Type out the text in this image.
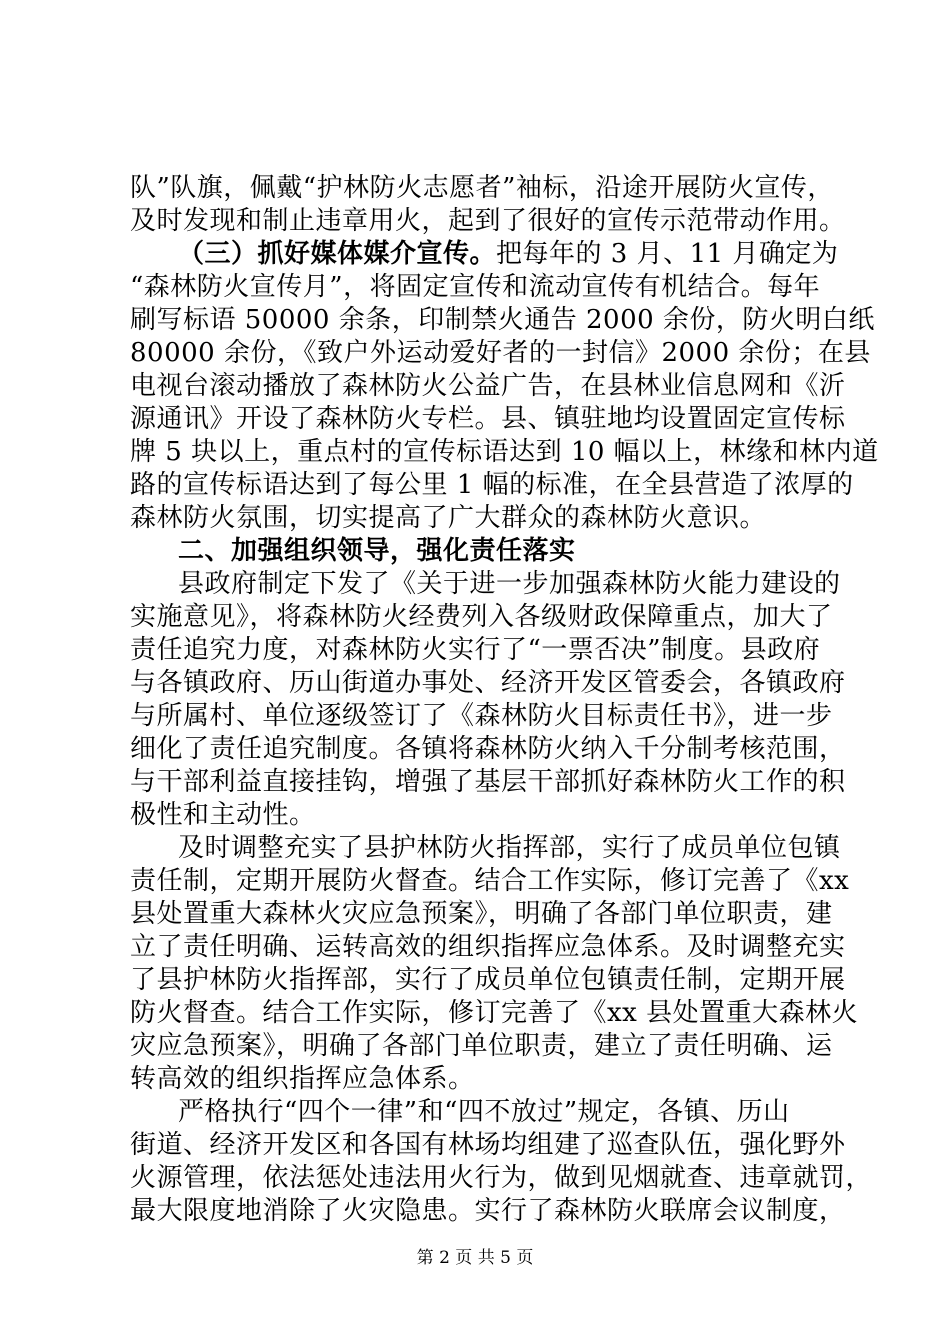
队”队旗，佩戴“护林防火志愿者”袖标，沿途开展防火宣传，
及时发现和制止违章用火，起到了很好的宣传示范带动作用。
（三）抓好媒体媒介宣传。把每年的 3 月、11 月确定为
“森林防火宣传月”，将固定宣传和流动宣传有机结合。每年
刷写标语 50000 余条，印制禁火通告 2000 余份，防火明白纸
80000 余份，《致户外运动爱好者的一封信》2000 余份；在县
电视台滚动播放了森林防火公益广告，在县林业信息网和《沂
源通讯》开设了森林防火专栏。县、镇驻地均设置固定宣传标
牌 5 块以上，重点村的宣传标语达到 10 幅以上，林缘和林内道
路的宣传标语达到了每公里 1 幅的标准，在全县营造了浓厚的
森林防火氛围，切实提高了广大群众的森林防火意识。
二、加强组织领导，强化责任落实
县政府制定下发了《关于进一步加强森林防火能力建设的
实施意见》，将森林防火经费列入各级财政保障重点，加大了
责任追究力度，对森林防火实行了“一票否决”制度。县政府
与各镇政府、历山街道办事处、经济开发区管委会，各镇政府
与所属村、单位逐级签订了《森林防火目标责任书》，进一步
细化了责任追究制度。各镇将森林防火纳入千分制考核范围，
与干部利益直接挂钩，增强了基层干部抓好森林防火工作的积
极性和主动性。
及时调整充实了县护林防火指挥部，实行了成员单位包镇
责任制，定期开展防火督查。结合工作实际，修订完善了《xx
县处置重大森林火灾应急预案》，明确了各部门单位职责，建
立了责任明确、运转高效的组织指挥应急体系。及时调整充实
了县护林防火指挥部，实行了成员单位包镇责任制，定期开展
防火督查。结合工作实际，修订完善了《xx 县处置重大森林火
灾应急预案》，明确了各部门单位职责，建立了责任明确、运
转高效的组织指挥应急体系。
严格执行“四个一律”和“四不放过”规定，各镇、历山
街道、经济开发区和各国有林场均组建了巡查队伍，强化野外
火源管理，依法惩处违法用火行为，做到见烟就查、违章就罚，
最大限度地消除了火灾隐患。实行了森林防火联席会议制度，
第 2 页 共 5 页
